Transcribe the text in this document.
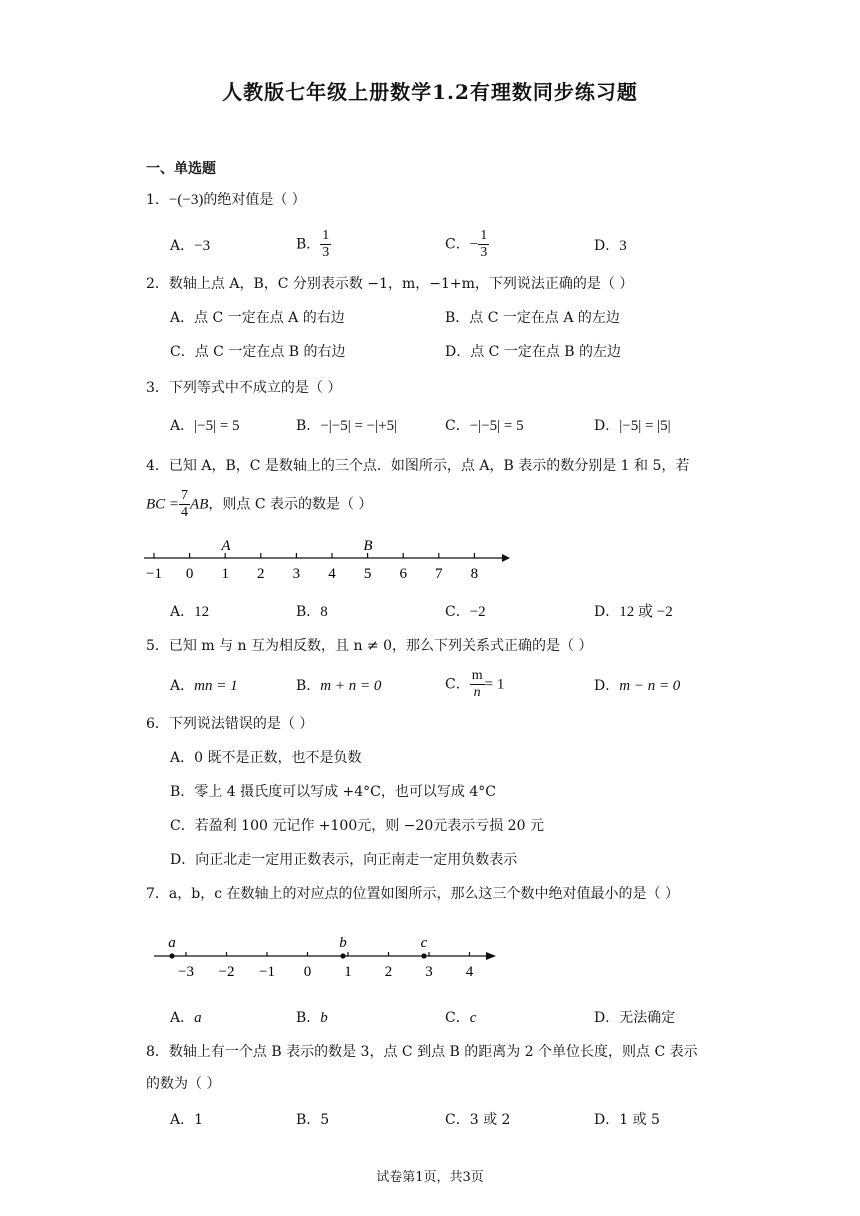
人教版七年级上册数学1.2有理数同步练习题
一、单选题
1．−(−3)的绝对值是（ ）
A．−3	B． $\frac{1}{3}$	C．− $\frac{1}{3}$	D．3
2．数轴上点 A，B，C 分别表示数 −1，m，−1+m，下列说法正确的是（ ）
A．点 C 一定在点 A 的右边	B．点 C 一定在点 A 的左边
C．点 C 一定在点 B 的右边	D．点 C 一定在点 B 的左边
3．下列等式中不成立的是（ ）
A．|−5| = 5	B．−|−5| = −|+5|	C．−|−5| = 5	D．|−5| = |5|
4．已知 A，B，C 是数轴上的三个点．如图所示，点 A，B 表示的数分别是 1 和 5，若
BC = $\frac{7}{4}$ AB，则点 C 表示的数是（ ）
−1 0 1 2 3 4 5 6 7 8
A	B
A．12	B．8	C．−2	D．12 或 −2
5．已知 m 与 n 互为相反数，且 n ≠ 0，那么下列关系式正确的是（ ）
A．mn = 1	B．m + n = 0	C． $\frac{m}{n} = 1$	D．m − n = 0
6．下列说法错误的是（ ）
A．0 既不是正数，也不是负数
B．零上 4 摄氏度可以写成 +4°C，也可以写成 4°C
C．若盈利 100 元记作 +100元，则 −20元表示亏损 20 元
D．向正北走一定用正数表示，向正南走一定用负数表示
7．a，b，c 在数轴上的对应点的位置如图所示，那么这三个数中绝对值最小的是（ ）
−3 −2 −1 0 1 2 3 4
a	b	c
A．a	B．b	C．c	D．无法确定
8．数轴上有一个点 B 表示的数是 3，点 C 到点 B 的距离为 2 个单位长度，则点 C 表示
的数为（ ）
A．1	B．5	C．3 或 2	D．1 或 5
试卷第1页，共3页
